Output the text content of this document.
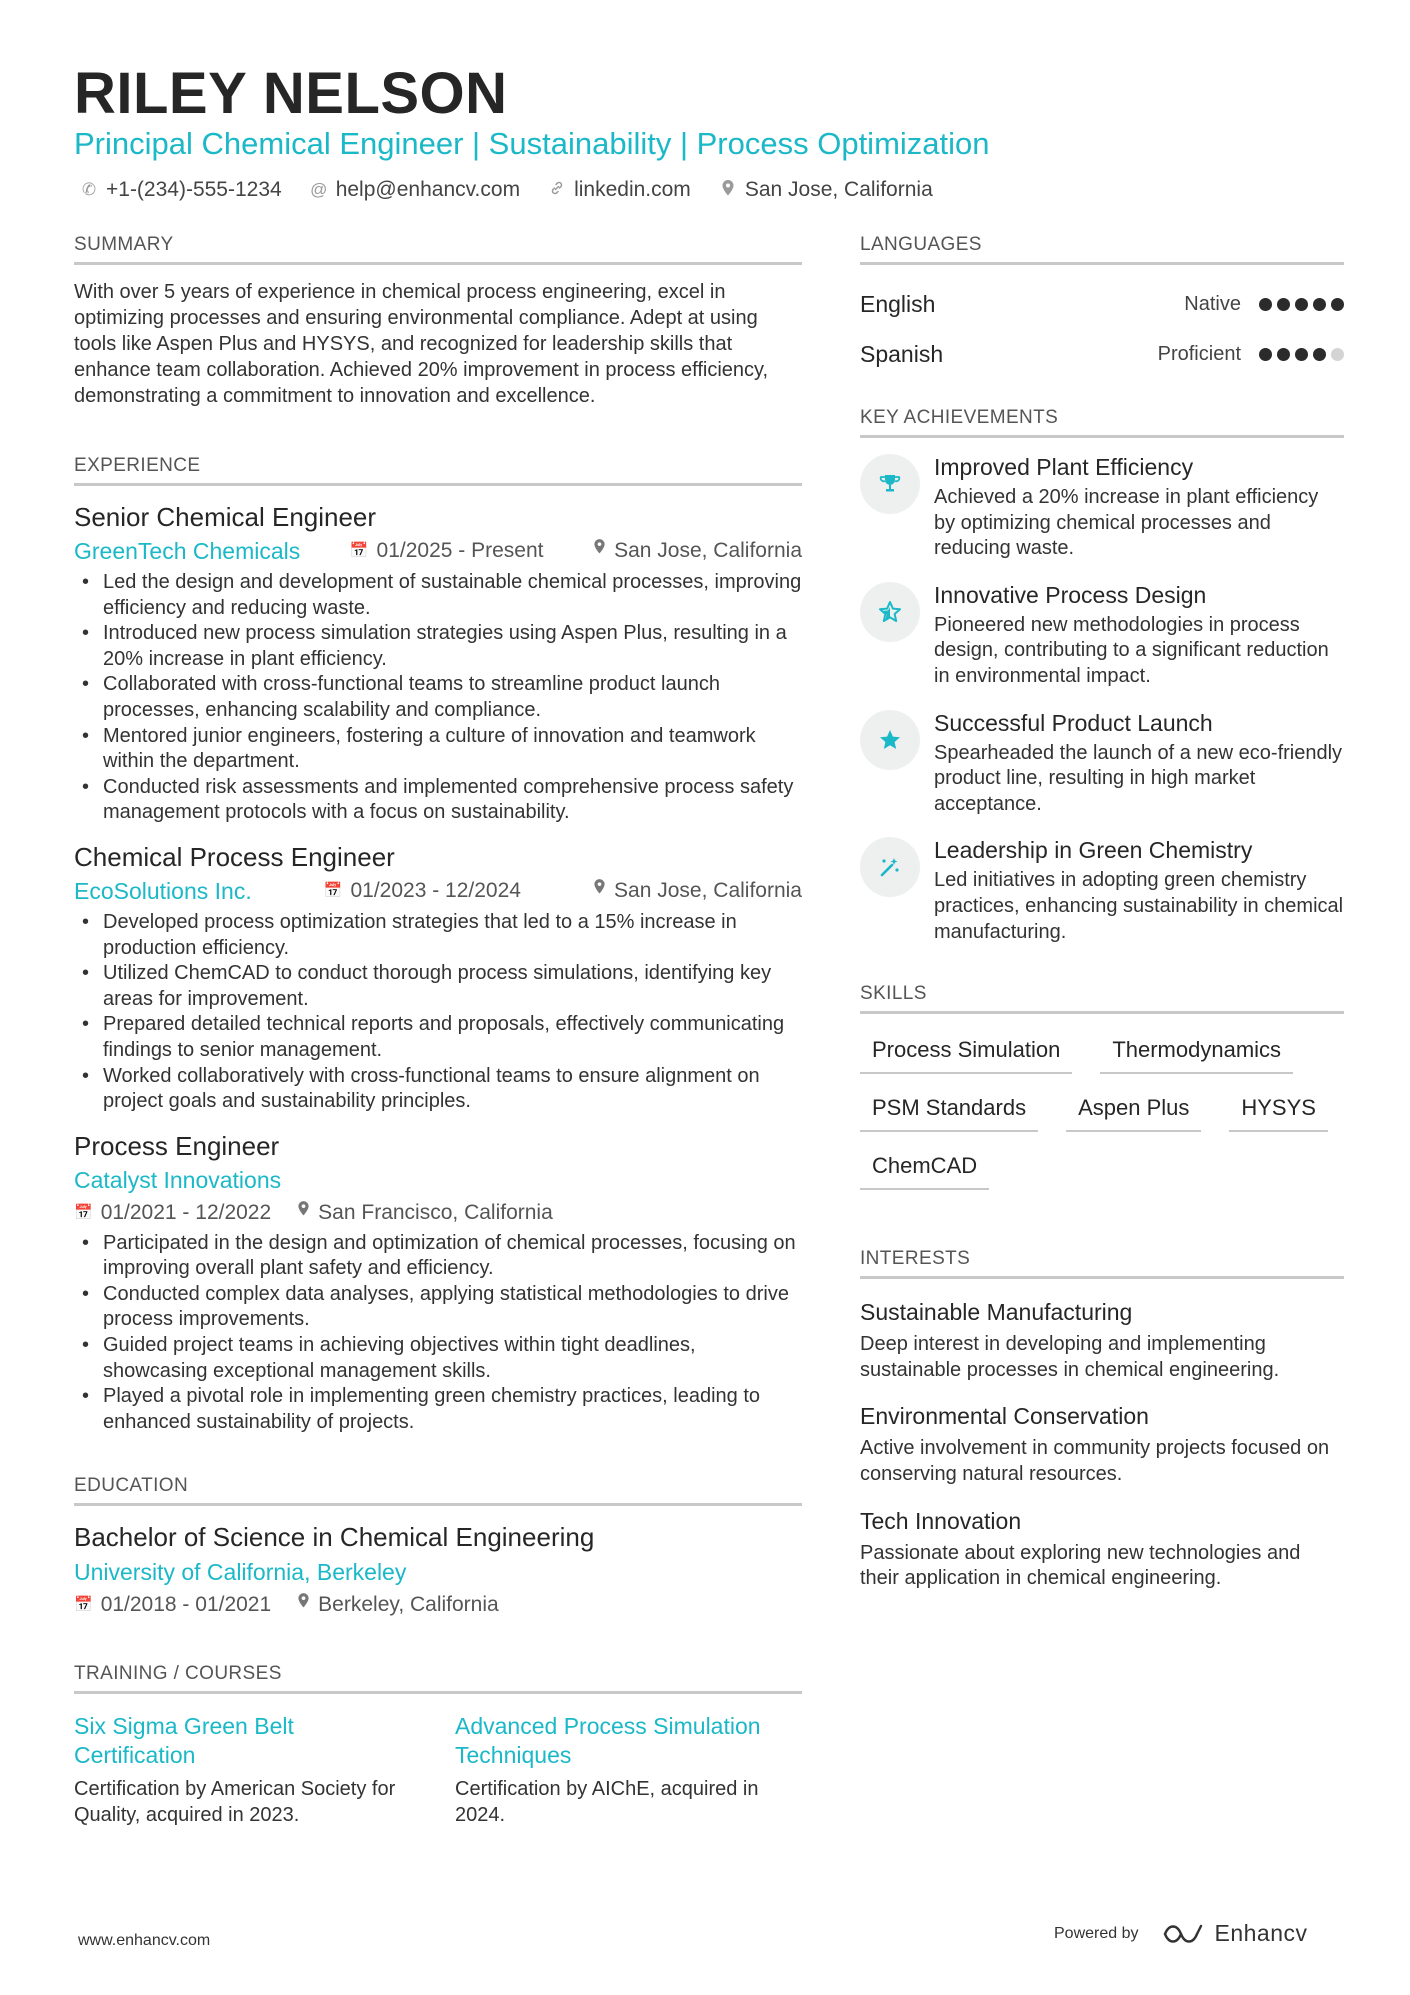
RILEY NELSON
Principal Chemical Engineer | Sustainability | Process Optimization
✆ +1-(234)-555-1234 @ help@enhancv.com	linkedin.com	San Jose, California
SUMMARY
With over 5 years of experience in chemical process engineering, excel in optimizing processes and ensuring environmental compliance. Adept at using tools like Aspen Plus and HYSYS, and recognized for leadership skills that enhance team collaboration. Achieved 20% improvement in process efficiency, demonstrating a commitment to innovation and excellence.
EXPERIENCE
Senior Chemical Engineer
GreenTech Chemicals	📅 01/2025 - Present	San Jose, California
• Led the design and development of sustainable chemical processes, improving efficiency and reducing waste.
• Introduced new process simulation strategies using Aspen Plus, resulting in a 20% increase in plant efficiency.
• Collaborated with cross-functional teams to streamline product launch processes, enhancing scalability and compliance.
• Mentored junior engineers, fostering a culture of innovation and teamwork within the department.
• Conducted risk assessments and implemented comprehensive process safety management protocols with a focus on sustainability.
Chemical Process Engineer
EcoSolutions Inc.	📅 01/2023 - 12/2024	San Jose, California
• Developed process optimization strategies that led to a 15% increase in production efficiency.
• Utilized ChemCAD to conduct thorough process simulations, identifying key areas for improvement.
• Prepared detailed technical reports and proposals, effectively communicating findings to senior management.
• Worked collaboratively with cross-functional teams to ensure alignment on project goals and sustainability principles.
Process Engineer
Catalyst Innovations
📅 01/2021 - 12/2022 San Francisco, California
• Participated in the design and optimization of chemical processes, focusing on improving overall plant safety and efficiency.
• Conducted complex data analyses, applying statistical methodologies to drive process improvements.
• Guided project teams in achieving objectives within tight deadlines, showcasing exceptional management skills.
• Played a pivotal role in implementing green chemistry practices, leading to enhanced sustainability of projects.
EDUCATION
Bachelor of Science in Chemical Engineering
University of California, Berkeley
📅 01/2018 - 01/2021 Berkeley, California
TRAINING / COURSES
Six Sigma Green Belt Certification
Certification by American Society for Quality, acquired in 2023.
Advanced Process Simulation Techniques
Certification by AIChE, acquired in 2024.
LANGUAGES
English	Native
Spanish	Proficient
KEY ACHIEVEMENTS
Improved Plant Efficiency
Achieved a 20% increase in plant efficiency by optimizing chemical processes and reducing waste.
Innovative Process Design
Pioneered new methodologies in process design, contributing to a significant reduction in environmental impact.
Successful Product Launch
Spearheaded the launch of a new eco-friendly product line, resulting in high market acceptance.
Leadership in Green Chemistry
Led initiatives in adopting green chemistry practices, enhancing sustainability in chemical manufacturing.
SKILLS
Process Simulation	Thermodynamics
PSM Standards	Aspen Plus	HYSYS
ChemCAD
INTERESTS
Sustainable Manufacturing
Deep interest in developing and implementing sustainable processes in chemical engineering.
Environmental Conservation
Active involvement in community projects focused on conserving natural resources.
Tech Innovation
Passionate about exploring new technologies and their application in chemical engineering.
www.enhancv.com	Powered by	Enhancv
